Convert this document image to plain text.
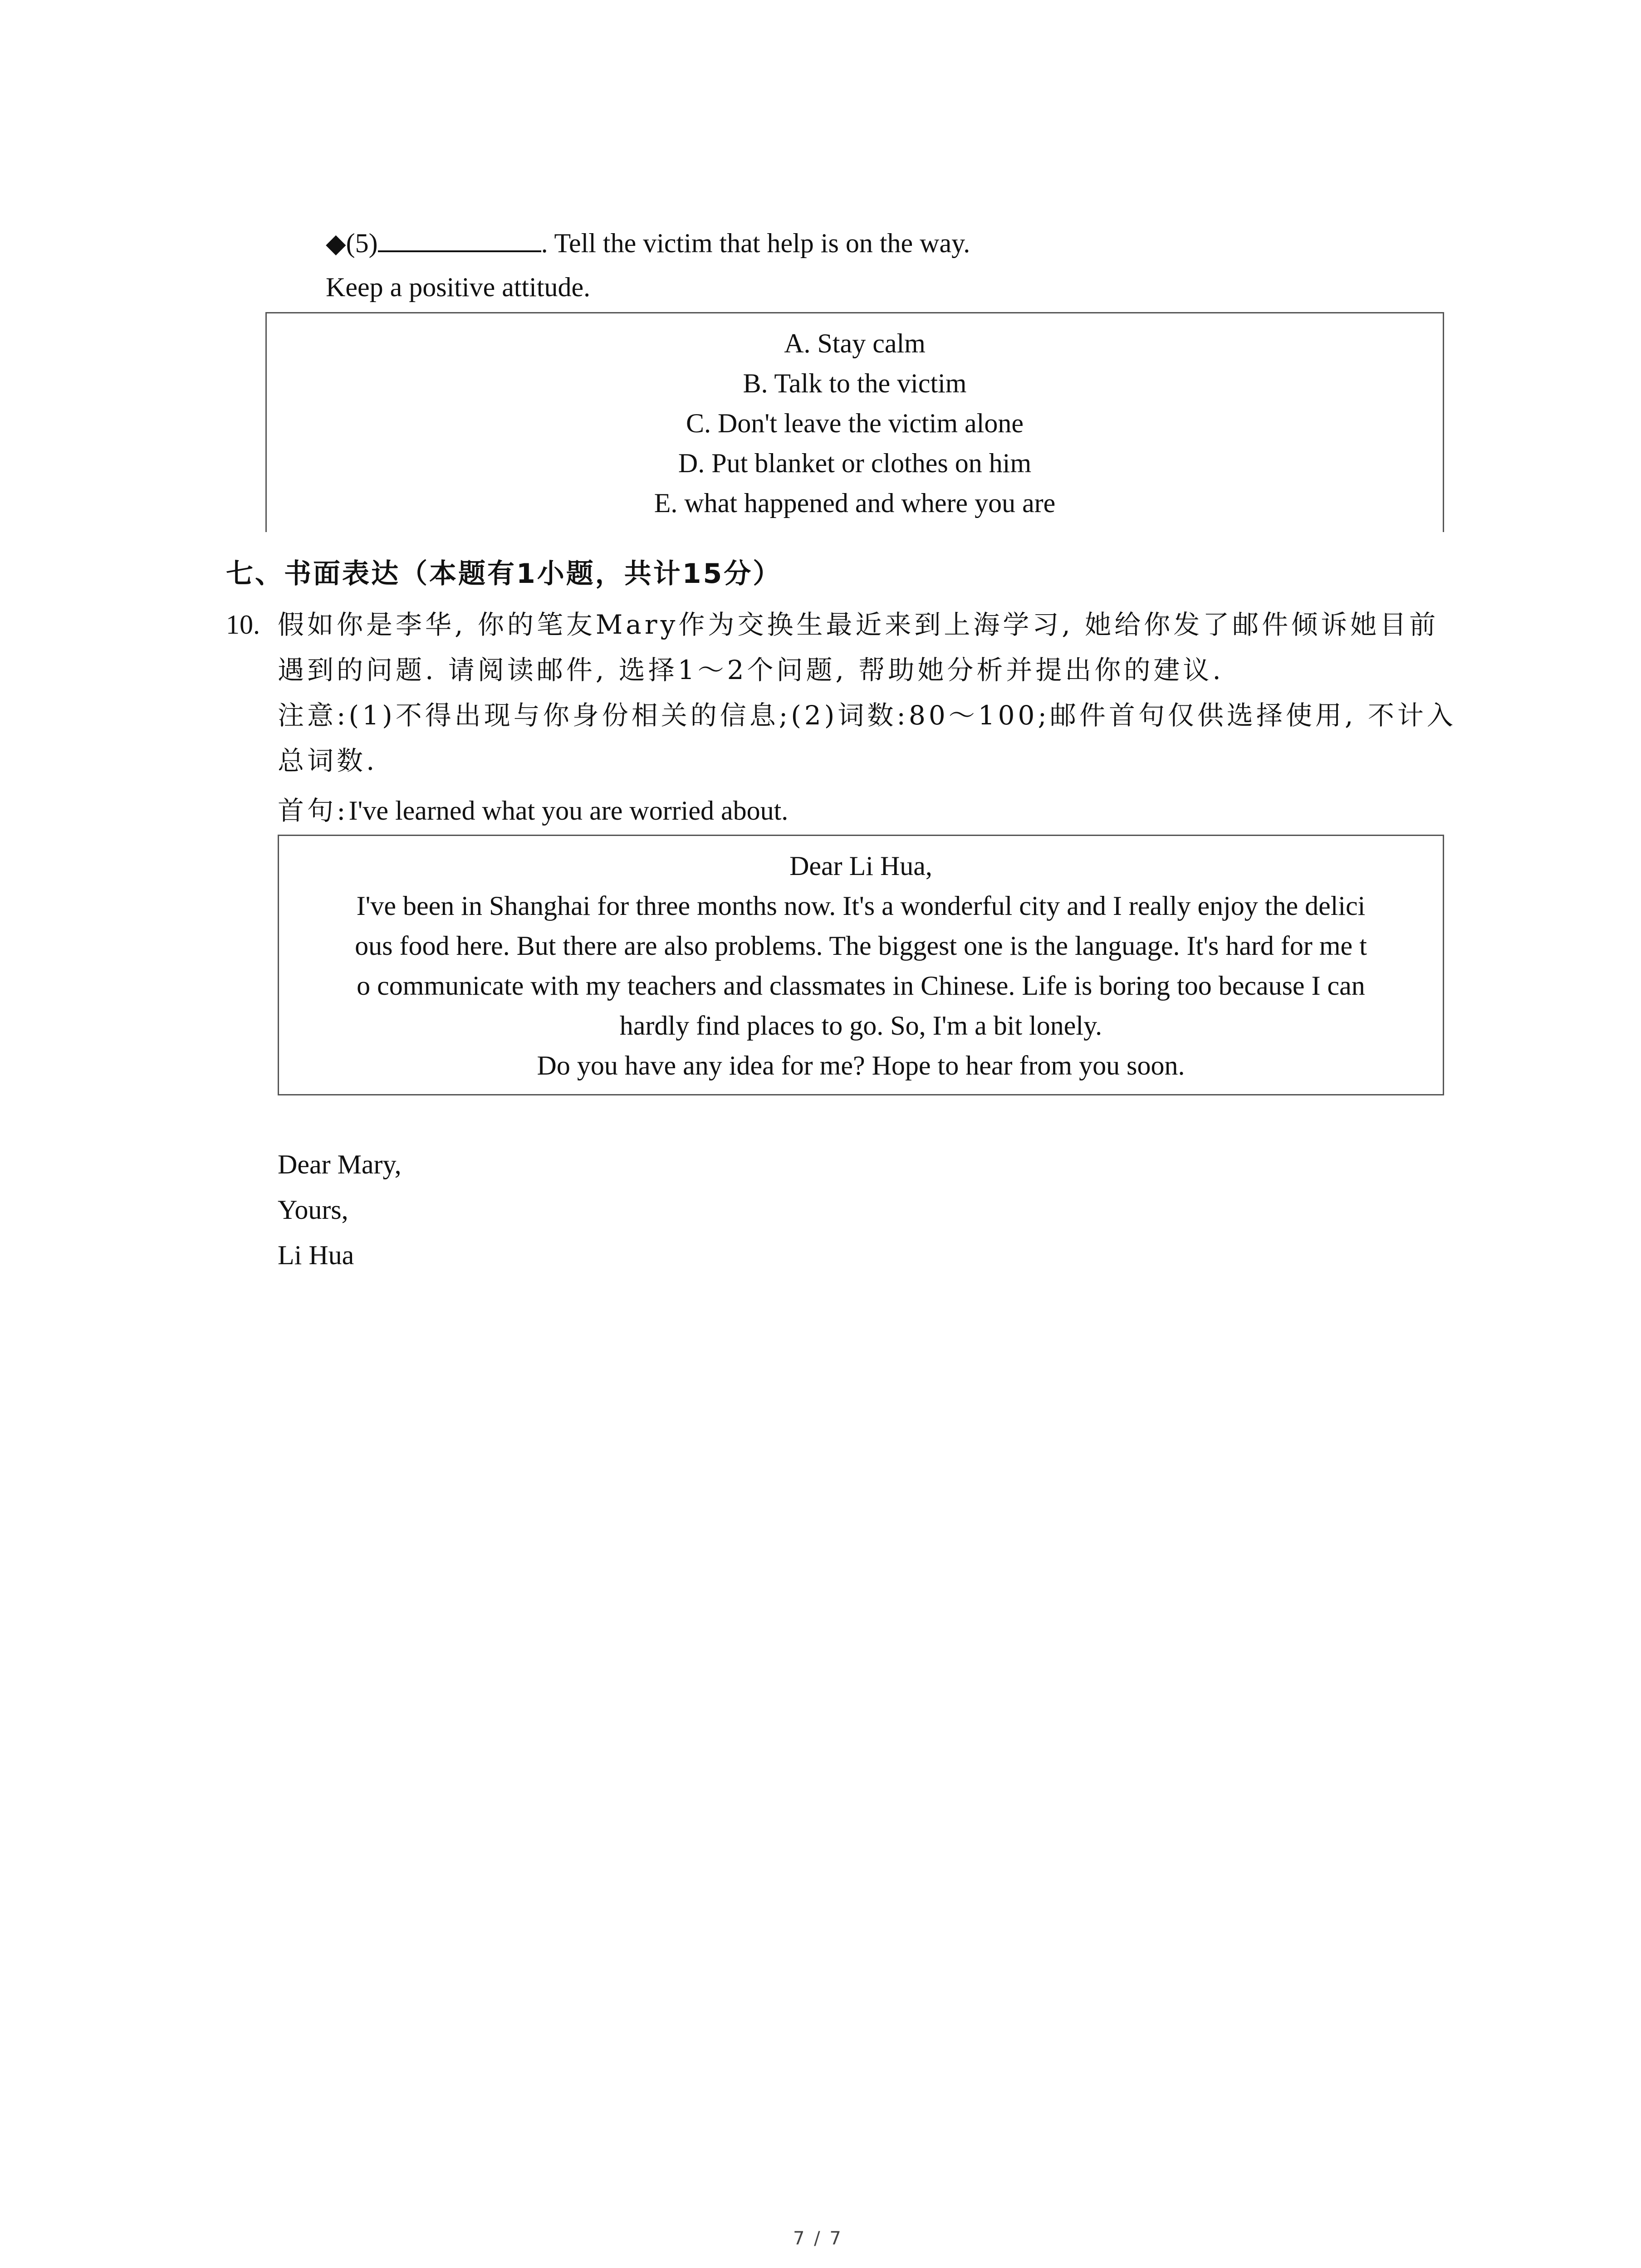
◆(5)	. Tell the victim that help is on the way.
Keep a positive attitude.
A. Stay calm
B. Talk to the victim
C. Don't leave the victim alone
D. Put blanket or clothes on him
E. what happened and where you are
七、书面表达（本题有1小题，共计15分）
10. 假如你是李华, 你的笔友Mary作为交换生最近来到上海学习, 她给你发了邮件倾诉她目前
遇到的问题. 请阅读邮件, 选择1～2个问题, 帮助她分析并提出你的建议.
注意:(1)不得出现与你身份相关的信息;(2)词数:80～100;邮件首句仅供选择使用, 不计入
总词数.
首句:I've learned what you are worried about.
Dear Li Hua,
I've been in Shanghai for three months now. It's a wonderful city and I really enjoy the delici
ous food here. But there are also problems. The biggest one is the language. It's hard for me t
o communicate with my teachers and classmates in Chinese. Life is boring too because I can
hardly find places to go. So, I'm a bit lonely.
Do you have any idea for me? Hope to hear from you soon.
Dear Mary,
Yours,
Li Hua
7 / 7
